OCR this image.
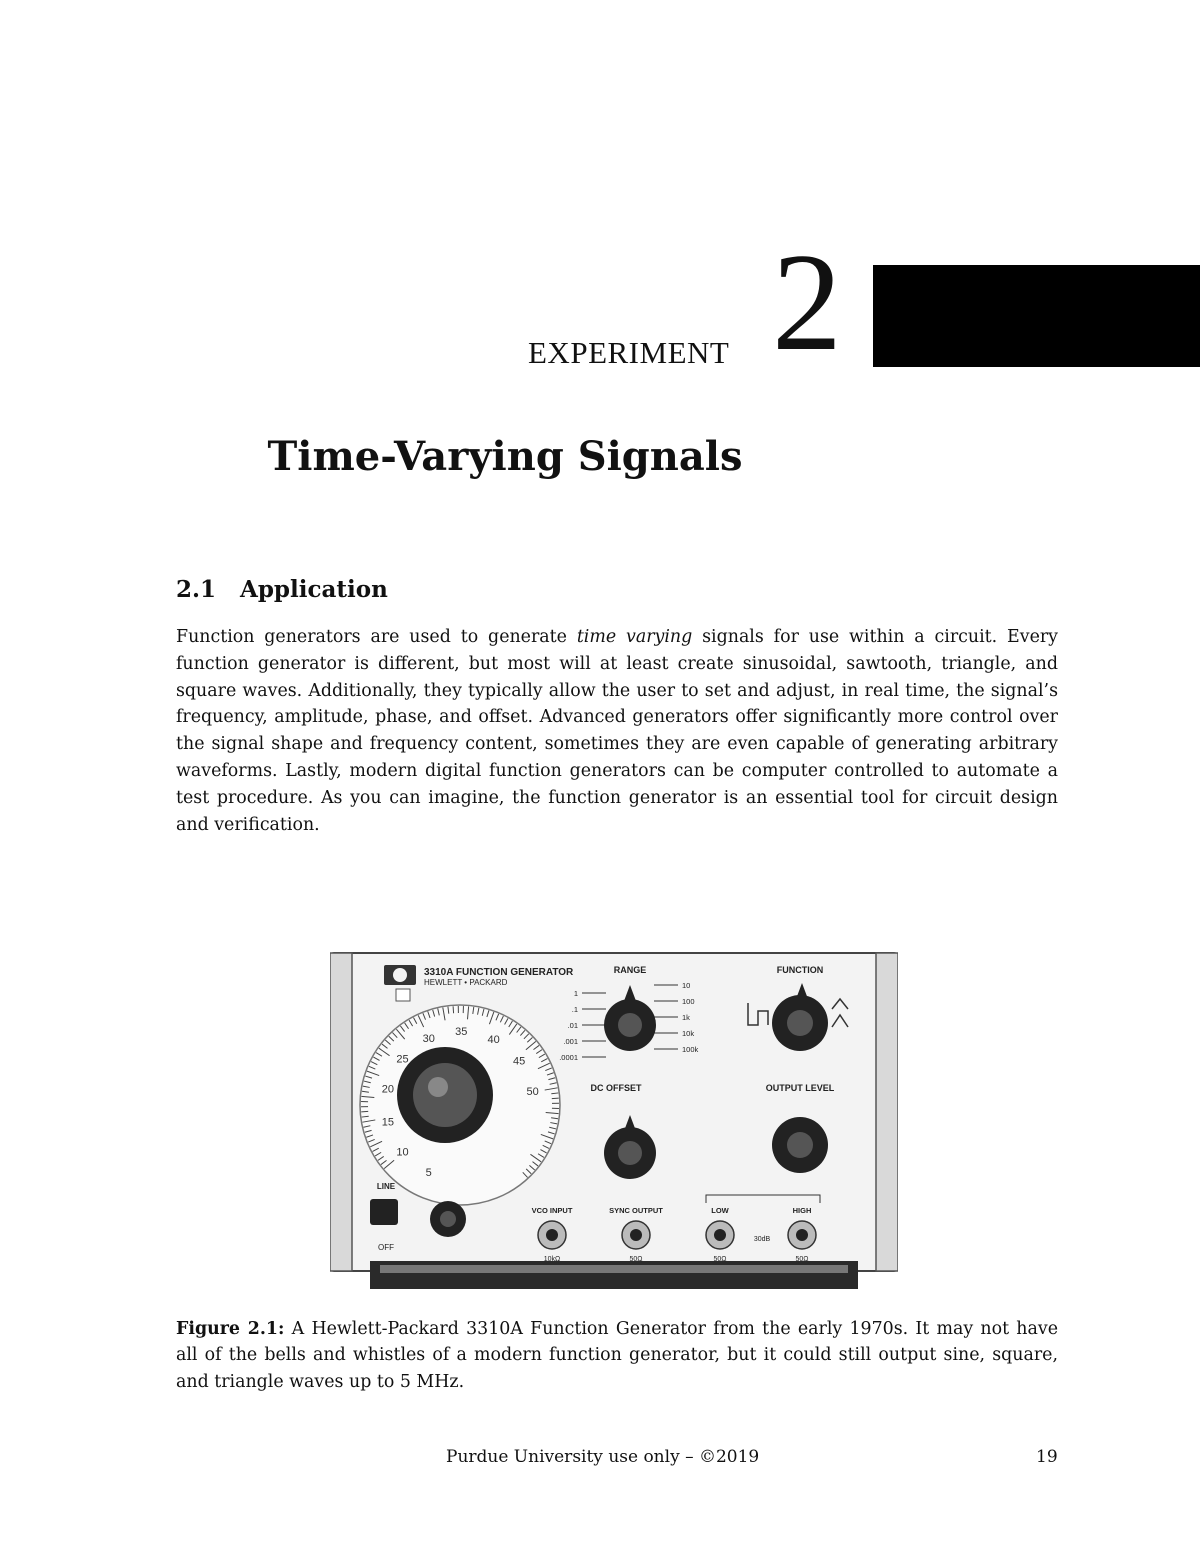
EXPERIMENT 2
Time-Varying Signals
2.1 Application

Function generators are used to generate time varying signals for use within a circuit. Every function generator is different, but most will at least create sinusoidal, sawtooth, triangle, and square waves. Additionally, they typically allow the user to set and adjust, in real time, the signal’s frequency, amplitude, phase, and offset. Advanced generators offer significantly more control over the signal shape and frequency content, sometimes they are even capable of generating arbitrary waveforms. Lastly, modern digital function generators can be computer controlled to automate a test procedure. As you can imagine, the function generator is an essential tool for circuit design and verification.

3310A FUNCTION GENERATOR
HEWLETT • PACKARD
5
10
15
20
25
30
35
40
45
50
RANGE
1
.1
.01
.001
.0001
10
100
1k
10k
100k
FUNCTION
DC OFFSET	OUTPUT LEVEL
LINE
OFF
VCO INPUT	SYNC OUTPUT	LOW	HIGH
30dB
10kΩ	50Ω	50Ω	50Ω

Figure 2.1: A Hewlett-Packard 3310A Function Generator from the early 1970s. It may not have all of the bells and whistles of a modern function generator, but it could still output sine, square, and triangle waves up to 5 MHz.

Purdue University use only – ©2019	19
